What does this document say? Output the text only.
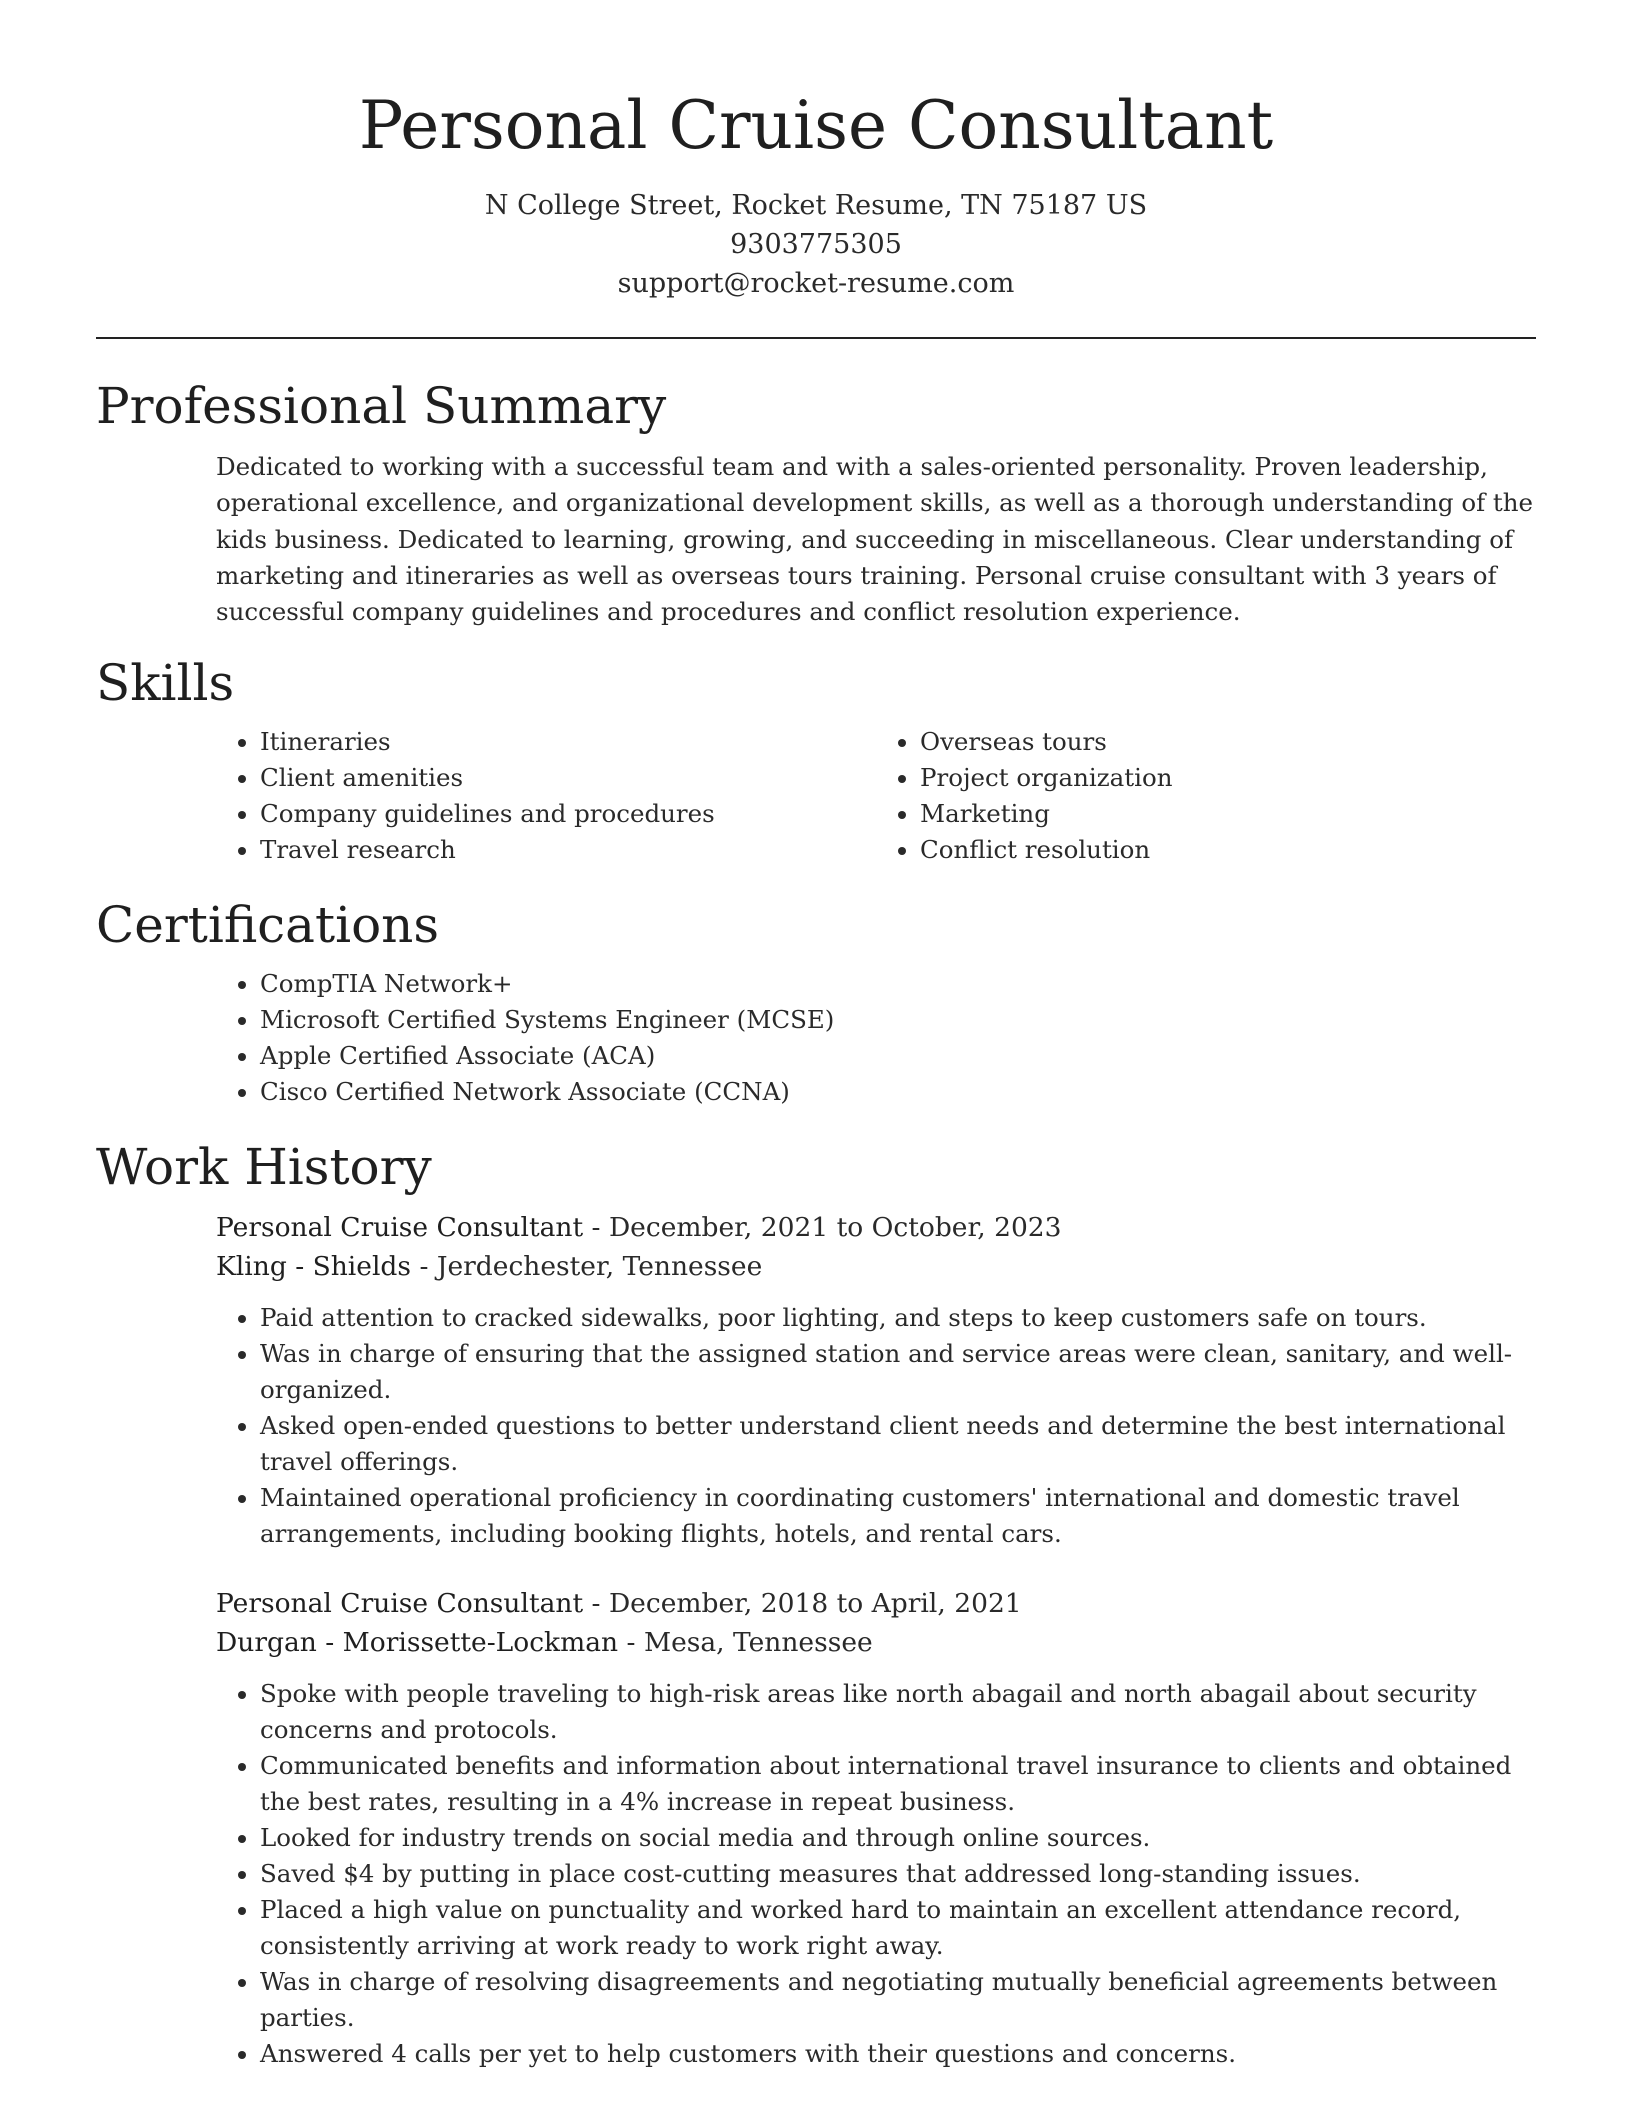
Personal Cruise Consultant
N College Street, Rocket Resume, TN 75187 US
9303775305
support@rocket-resume.com
Professional Summary

Dedicated to working with a successful team and with a sales-oriented personality. Proven leadership, operational excellence, and organizational development skills, as well as a thorough understanding of the kids business. Dedicated to learning, growing, and succeeding in miscellaneous. Clear understanding of marketing and itineraries as well as overseas tours training. Personal cruise consultant with 3 years of successful company guidelines and procedures and conflict resolution experience.

Skills
• Itineraries
• Client amenities
• Company guidelines and procedures
• Travel research
• Overseas tours
• Project organization
• Marketing
• Conflict resolution
Certifications
• CompTIA Network+
• Microsoft Certified Systems Engineer (MCSE)
• Apple Certified Associate (ACA)
• Cisco Certified Network Associate (CCNA)
Work History
Personal Cruise Consultant - December, 2021 to October, 2023
Kling - Shields - Jerdechester, Tennessee
• Paid attention to cracked sidewalks, poor lighting, and steps to keep customers safe on tours.
• Was in charge of ensuring that the assigned station and service areas were clean, sanitary, and well-organized.
• Asked open-ended questions to better understand client needs and determine the best international travel offerings.
• Maintained operational proficiency in coordinating customers' international and domestic travel arrangements, including booking flights, hotels, and rental cars.
Personal Cruise Consultant - December, 2018 to April, 2021
Durgan - Morissette-Lockman - Mesa, Tennessee
• Spoke with people traveling to high-risk areas like north abagail and north abagail about security concerns and protocols.
• Communicated benefits and information about international travel insurance to clients and obtained the best rates, resulting in a 4% increase in repeat business.
• Looked for industry trends on social media and through online sources.
• Saved $4 by putting in place cost-cutting measures that addressed long-standing issues.
• Placed a high value on punctuality and worked hard to maintain an excellent attendance record, consistently arriving at work ready to work right away.
• Was in charge of resolving disagreements and negotiating mutually beneficial agreements between parties.
• Answered 4 calls per yet to help customers with their questions and concerns.
